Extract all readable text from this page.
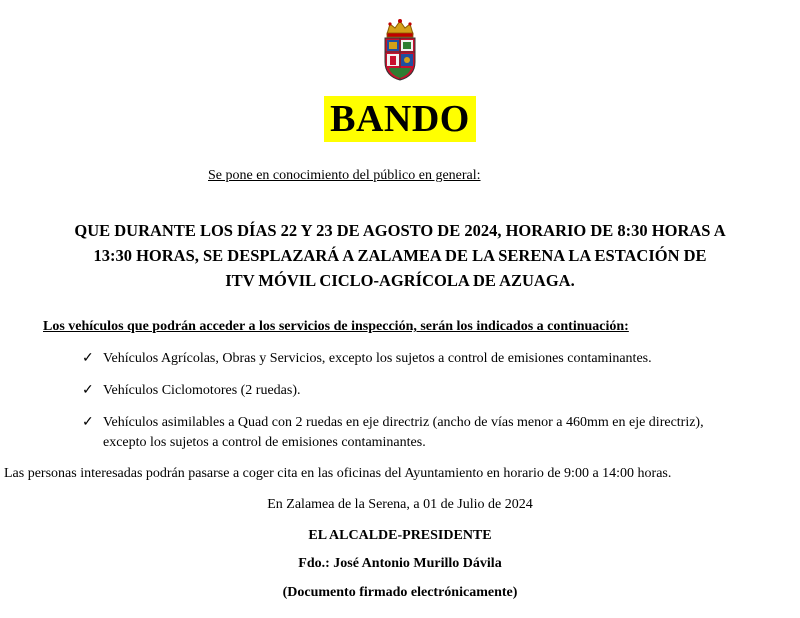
BANDO
Se pone en conocimiento del público en general:
QUE DURANTE LOS DÍAS 22 Y 23 DE AGOSTO DE 2024, HORARIO DE 8:30 HORAS A
13:30 HORAS, SE DESPLAZARÁ A ZALAMEA DE LA SERENA LA ESTACIÓN DE
ITV MÓVIL CICLO-AGRÍCOLA DE AZUAGA.
Los vehículos que podrán acceder a los servicios de inspección, serán los indicados a continuación:
✓ Vehículos Agrícolas, Obras y Servicios, excepto los sujetos a control de emisiones contaminantes.
✓ Vehículos Ciclomotores (2 ruedas).
✓ Vehículos asimilables a Quad con 2 ruedas en eje directriz (ancho de vías menor a 460mm en eje directriz),
excepto los sujetos a control de emisiones contaminantes.
Las personas interesadas podrán pasarse a coger cita en las oficinas del Ayuntamiento en horario de 9:00 a 14:00 horas.
En Zalamea de la Serena, a 01 de Julio de 2024
EL ALCALDE-PRESIDENTE
Fdo.: José Antonio Murillo Dávila
(Documento firmado electrónicamente)
